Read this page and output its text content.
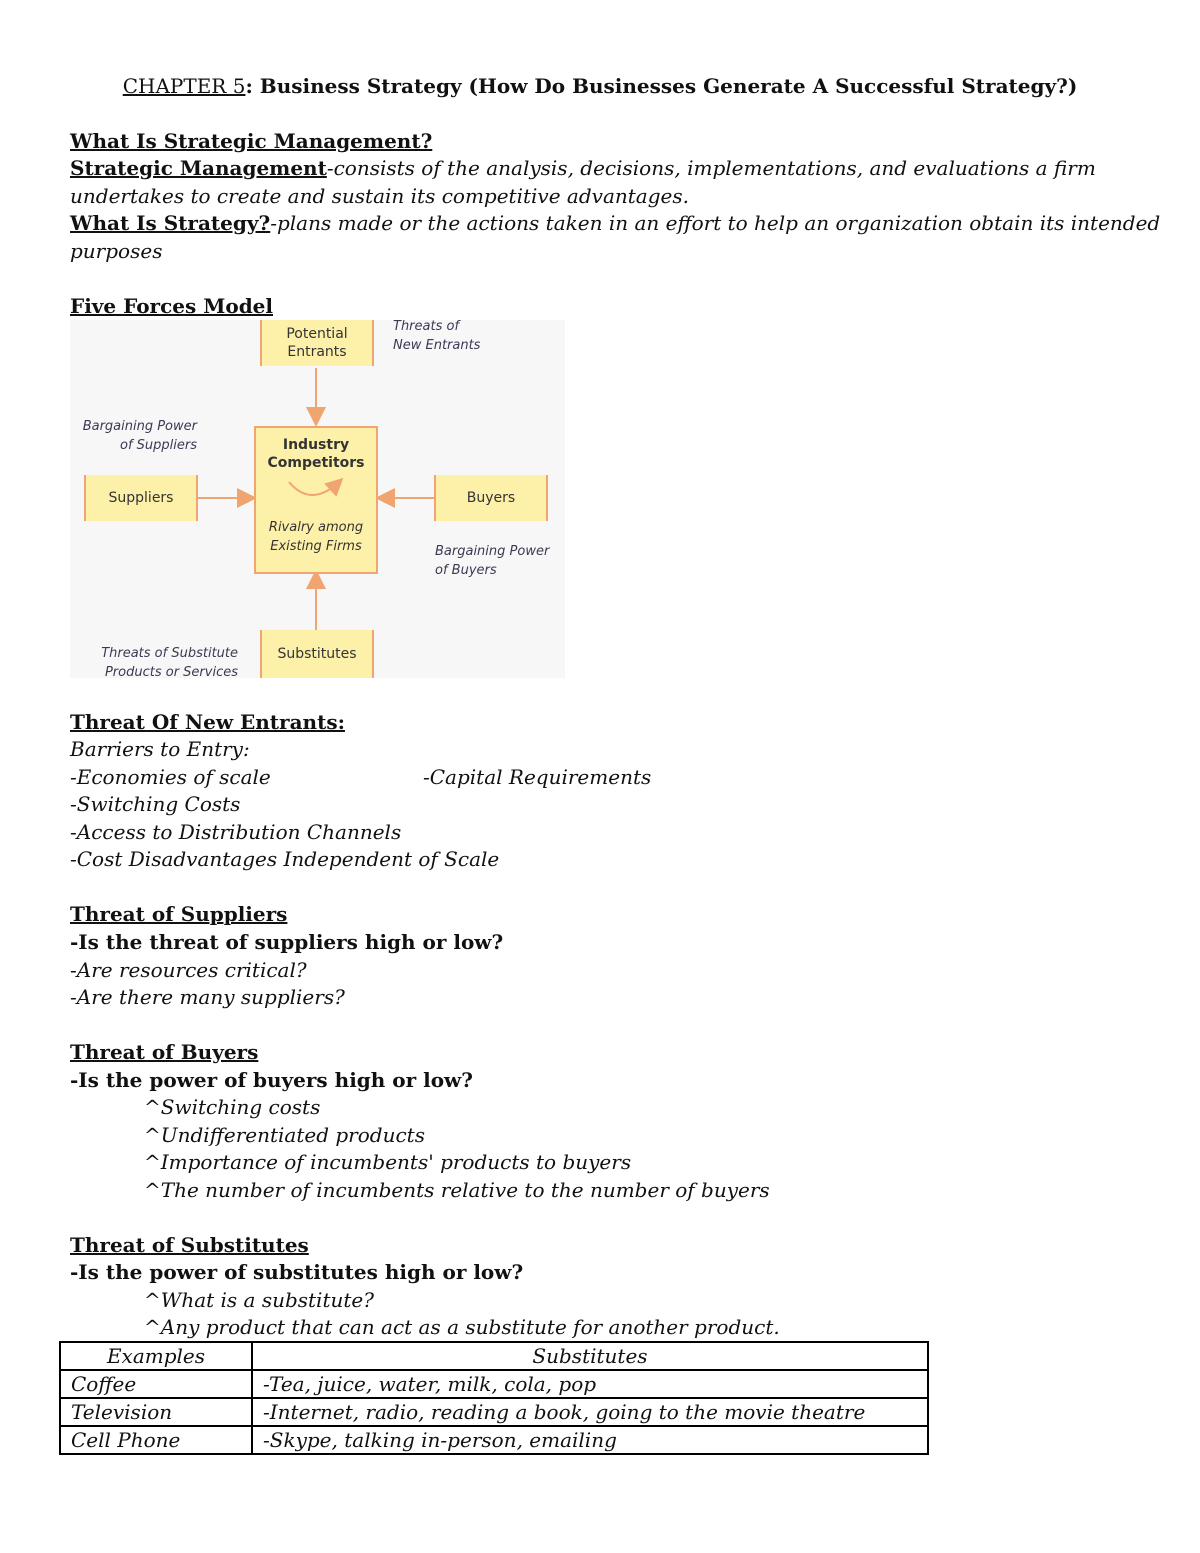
CHAPTER 5: Business Strategy (How Do Businesses Generate A Successful Strategy?)
What Is Strategic Management?
Strategic Management-consists of the analysis, decisions, implementations, and evaluations a firm
undertakes to create and sustain its competitive advantages.
What Is Strategy?-plans made or the actions taken in an effort to help an organization obtain its intended
purposes
Five Forces Model
Potential
Entrants
Threats of
New Entrants
Bargaining Power
of Suppliers	Industry
Competitors
Rivalry among
Existing Firms
Suppliers	Buyers
Bargaining Power
of Buyers
Threats of Substitute
Products or Services
Substitutes
Threat Of New Entrants:
Barriers to Entry:
-Economies of scale	-Capital Requirements
-Switching Costs
-Access to Distribution Channels
-Cost Disadvantages Independent of Scale
Threat of Suppliers
-Is the threat of suppliers high or low?
-Are resources critical?
-Are there many suppliers?
Threat of Buyers
-Is the power of buyers high or low?
^Switching costs
^Undifferentiated products
^Importance of incumbents' products to buyers
^The number of incumbents relative to the number of buyers
Threat of Substitutes
-Is the power of substitutes high or low?
^What is a substitute?
^Any product that can act as a substitute for another product.
Examples	Substitutes
Coffee	-Tea, juice, water, milk, cola, pop
Television	-Internet, radio, reading a book, going to the movie theatre
Cell Phone	-Skype, talking in-person, emailing
